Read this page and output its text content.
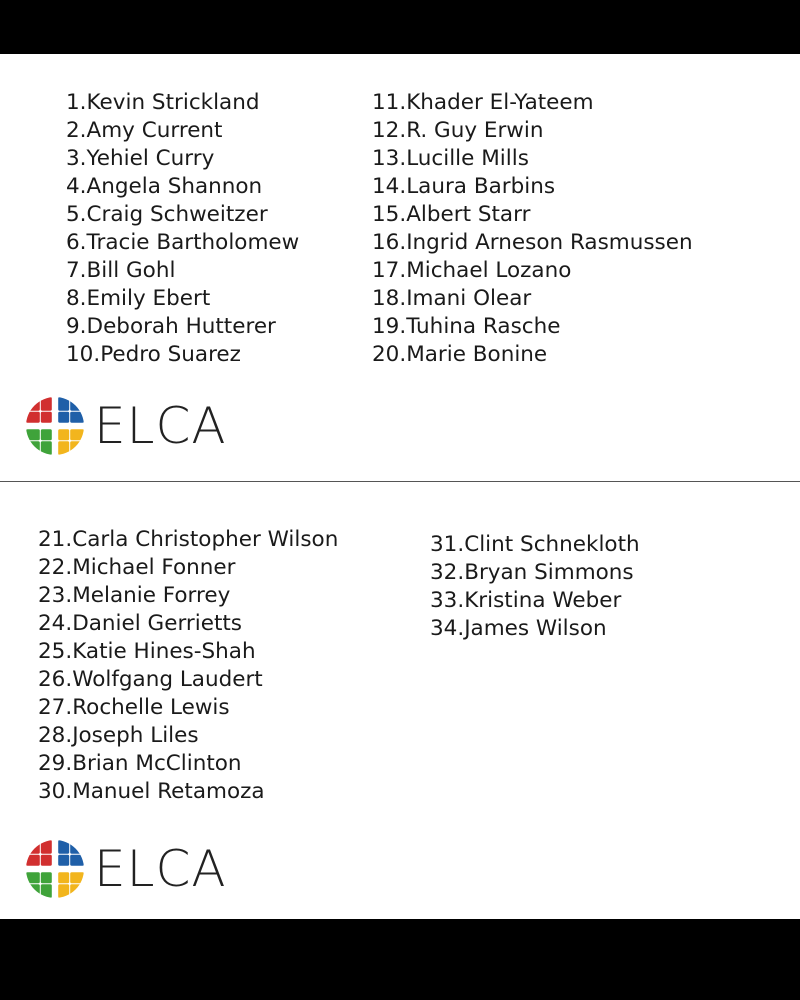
1.Kevin Strickland
2.Amy Current
3.Yehiel Curry
4.Angela Shannon
5.Craig Schweitzer
6.Tracie Bartholomew
7.Bill Gohl
8.Emily Ebert
9.Deborah Hutterer
10.Pedro Suarez
11.Khader El-Yateem
12.R. Guy Erwin
13.Lucille Mills
14.Laura Barbins
15.Albert Starr
16.Ingrid Arneson Rasmussen
17.Michael Lozano
18.Imani Olear
19.Tuhina Rasche
20.Marie Bonine
ELCA
21.Carla Christopher Wilson
22.Michael Fonner
23.Melanie Forrey
24.Daniel Gerrietts
25.Katie Hines-Shah
26.Wolfgang Laudert
27.Rochelle Lewis
28.Joseph Liles
29.Brian McClinton
30.Manuel Retamoza
31.Clint Schnekloth
32.Bryan Simmons
33.Kristina Weber
34.James Wilson
ELCA
